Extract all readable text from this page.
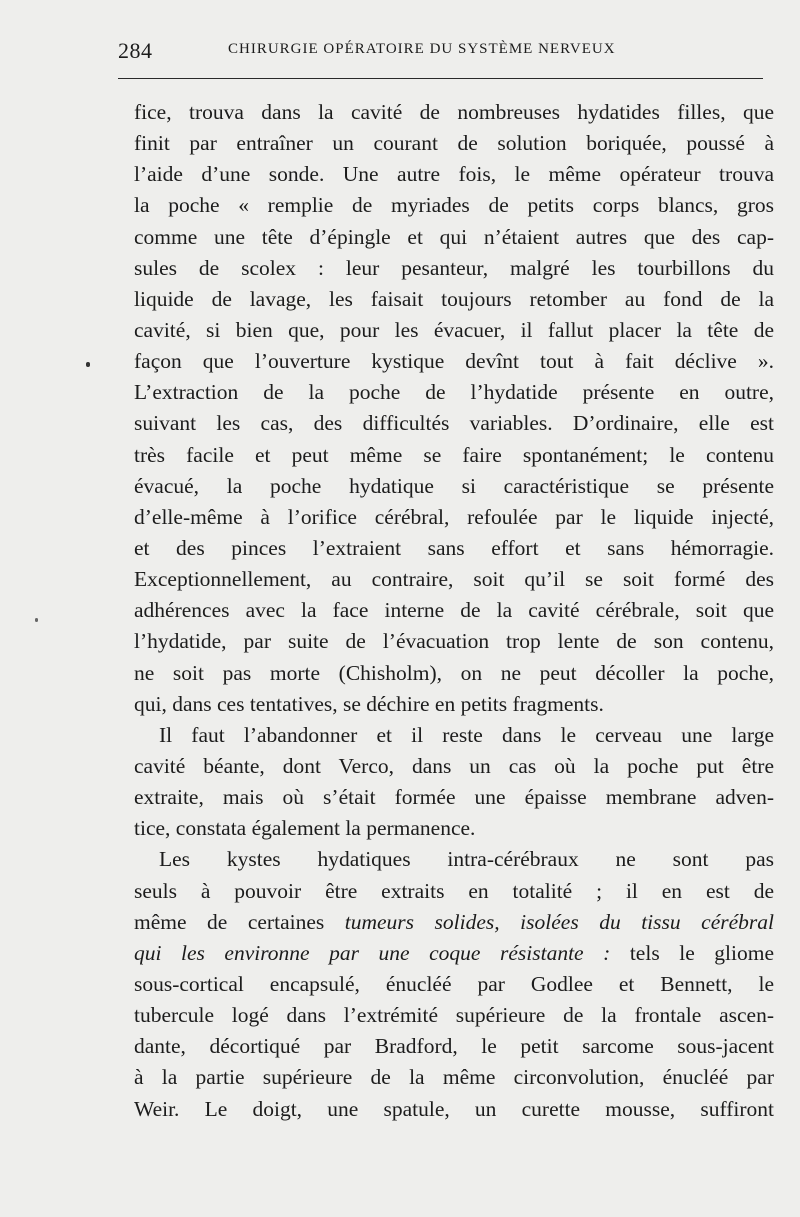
284	CHIRURGIE OPÉRATOIRE DU SYSTÈME NERVEUX
fice, trouva dans la cavité de nombreuses hydatides filles, que
finit par entraîner un courant de solution boriquée, poussé à
l’aide d’une sonde. Une autre fois, le même opérateur trouva
la poche « remplie de myriades de petits corps blancs, gros
comme une tête d’épingle et qui n’étaient autres que des cap-
sules de scolex : leur pesanteur, malgré les tourbillons du
liquide de lavage, les faisait toujours retomber au fond de la
cavité, si bien que, pour les évacuer, il fallut placer la tête de
façon que l’ouverture kystique devînt tout à fait déclive ».
L’extraction de la poche de l’hydatide présente en outre,
suivant les cas, des difficultés variables. D’ordinaire, elle est
très facile et peut même se faire spontanément; le contenu
évacué, la poche hydatique si caractéristique se présente
d’elle-même à l’orifice cérébral, refoulée par le liquide injecté,
et des pinces l’extraient sans effort et sans hémorragie.
Exceptionnellement, au contraire, soit qu’il se soit formé des
adhérences avec la face interne de la cavité cérébrale, soit que
l’hydatide, par suite de l’évacuation trop lente de son contenu,
ne soit pas morte (Chisholm), on ne peut décoller la poche,
qui, dans ces tentatives, se déchire en petits fragments.
Il faut l’abandonner et il reste dans le cerveau une large
cavité béante, dont Verco, dans un cas où la poche put être
extraite, mais où s’était formée une épaisse membrane adven-
tice, constata également la permanence.
Les kystes hydatiques intra-cérébraux ne sont pas
seuls à pouvoir être extraits en totalité ; il en est de
même de certaines tumeurs solides, isolées du tissu cérébral
qui les environne par une coque résistante : tels le gliome
sous-cortical encapsulé, énucléé par Godlee et Bennett, le
tubercule logé dans l’extrémité supérieure de la frontale ascen-
dante, décortiqué par Bradford, le petit sarcome sous-jacent
à la partie supérieure de la même circonvolution, énucléé par
Weir. Le doigt, une spatule, un curette mousse, suffiront
